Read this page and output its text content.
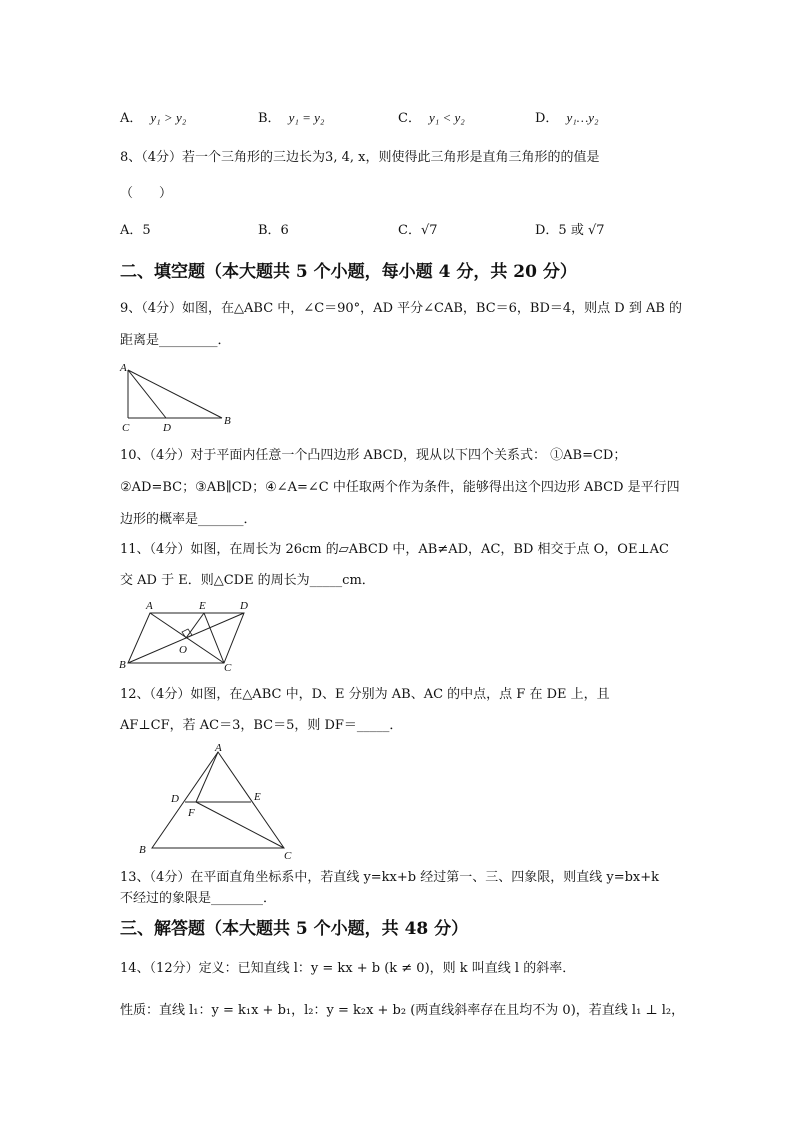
A． y₁ > y₂	B． y₁ = y₂	C． y₁ < y₂	D． y₁…y₂
8、（4分）若一个三角形的三边长为3, 4, x，则使得此三角形是直角三角形的的值是
（　　）
A．5	B．6	C．√7	D．5 或 √7
二、填空题（本大题共 5 个小题，每小题 4 分，共 20 分）
9、（4分）如图，在△ABC 中，∠C＝90°，AD 平分∠CAB，BC＝6，BD＝4，则点 D 到 AB 的
距离是_________．
A
C	D
B
10、（4分）对于平面内任意一个凸四边形 ABCD，现从以下四个关系式： ①AB=CD；
②AD=BC；③AB∥CD；④∠A=∠C 中任取两个作为条件，能够得出这个四边形 ABCD 是平行四
边形的概率是_______．
11、（4分）如图，在周长为 26cm 的▱ABCD 中，AB≠AD，AC，BD 相交于点 O，OE⊥AC
交 AD 于 E．则△CDE 的周长为_____cm．
A	E	D
O
B	C
12、（4分）如图，在△ABC 中，D、E 分别为 AB、AC 的中点，点 F 在 DE 上，且
AF⊥CF，若 AC＝3，BC＝5，则 DF＝_____．
A
D	E
F
B	C
13、（4分）在平面直角坐标系中，若直线 y=kx+b 经过第一、三、四象限，则直线 y=bx+k
不经过的象限是________．
三、解答题（本大题共 5 个小题，共 48 分）
14、（12分）定义：已知直线 l：y = kx + b (k ≠ 0)，则 k 叫直线 l 的斜率．
性质：直线 l₁：y = k₁x + b₁，l₂：y = k₂x + b₂ (两直线斜率存在且均不为 0)，若直线 l₁ ⊥ l₂，
